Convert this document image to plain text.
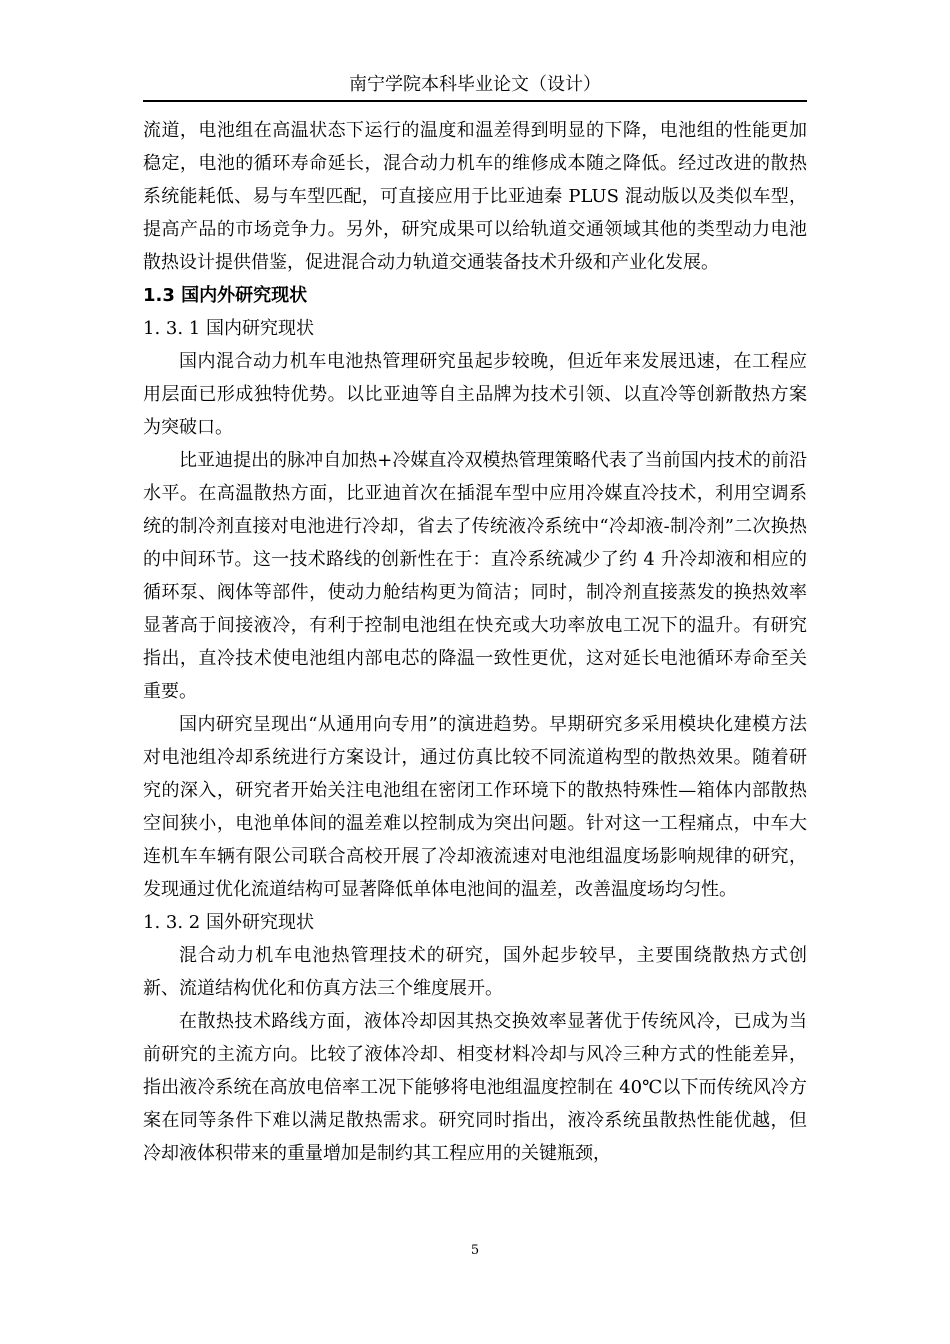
南宁学院本科毕业论文（设计）

流道，电池组在高温状态下运行的温度和温差得到明显的下降，电池组的性能更加稳定，电池的循环寿命延长，混合动力机车的维修成本随之降低。经过改进的散热系统能耗低、易与车型匹配，可直接应用于比亚迪秦 PLUS 混动版以及类似车型，提高产品的市场竞争力。另外，研究成果可以给轨道交通领域其他的类型动力电池散热设计提供借鉴，促进混合动力轨道交通装备技术升级和产业化发展。

1.3 国内外研究现状

1. 3. 1 国内研究现状

国内混合动力机车电池热管理研究虽起步较晚，但近年来发展迅速，在工程应用层面已形成独特优势。以比亚迪等自主品牌为技术引领、以直冷等创新散热方案为突破口。

比亚迪提出的脉冲自加热+冷媒直冷双模热管理策略代表了当前国内技术的前沿水平。在高温散热方面，比亚迪首次在插混车型中应用冷媒直冷技术，利用空调系统的制冷剂直接对电池进行冷却，省去了传统液冷系统中“冷却液-制冷剂”二次换热的中间环节。这一技术路线的创新性在于：直冷系统减少了约 4 升冷却液和相应的循环泵、阀体等部件，使动力舱结构更为简洁；同时，制冷剂直接蒸发的换热效率显著高于间接液冷，有利于控制电池组在快充或大功率放电工况下的温升。有研究指出，直冷技术使电池组内部电芯的降温一致性更优，这对延长电池循环寿命至关重要。

国内研究呈现出“从通用向专用”的演进趋势。早期研究多采用模块化建模方法对电池组冷却系统进行方案设计，通过仿真比较不同流道构型的散热效果。随着研究的深入，研究者开始关注电池组在密闭工作环境下的散热特殊性—箱体内部散热空间狭小，电池单体间的温差难以控制成为突出问题。针对这一工程痛点，中车大连机车车辆有限公司联合高校开展了冷却液流速对电池组温度场影响规律的研究，发现通过优化流道结构可显著降低单体电池间的温差，改善温度场均匀性。

1. 3. 2 国外研究现状

混合动力机车电池热管理技术的研究，国外起步较早，主要围绕散热方式创新、流道结构优化和仿真方法三个维度展开。

在散热技术路线方面，液体冷却因其热交换效率显著优于传统风冷，已成为当前研究的主流方向。比较了液体冷却、相变材料冷却与风冷三种方式的性能差异，指出液冷系统在高放电倍率工况下能够将电池组温度控制在 40℃以下而传统风冷方案在同等条件下难以满足散热需求。研究同时指出，液冷系统虽散热性能优越，但冷却液体积带来的重量增加是制约其工程应用的关键瓶颈，

5
